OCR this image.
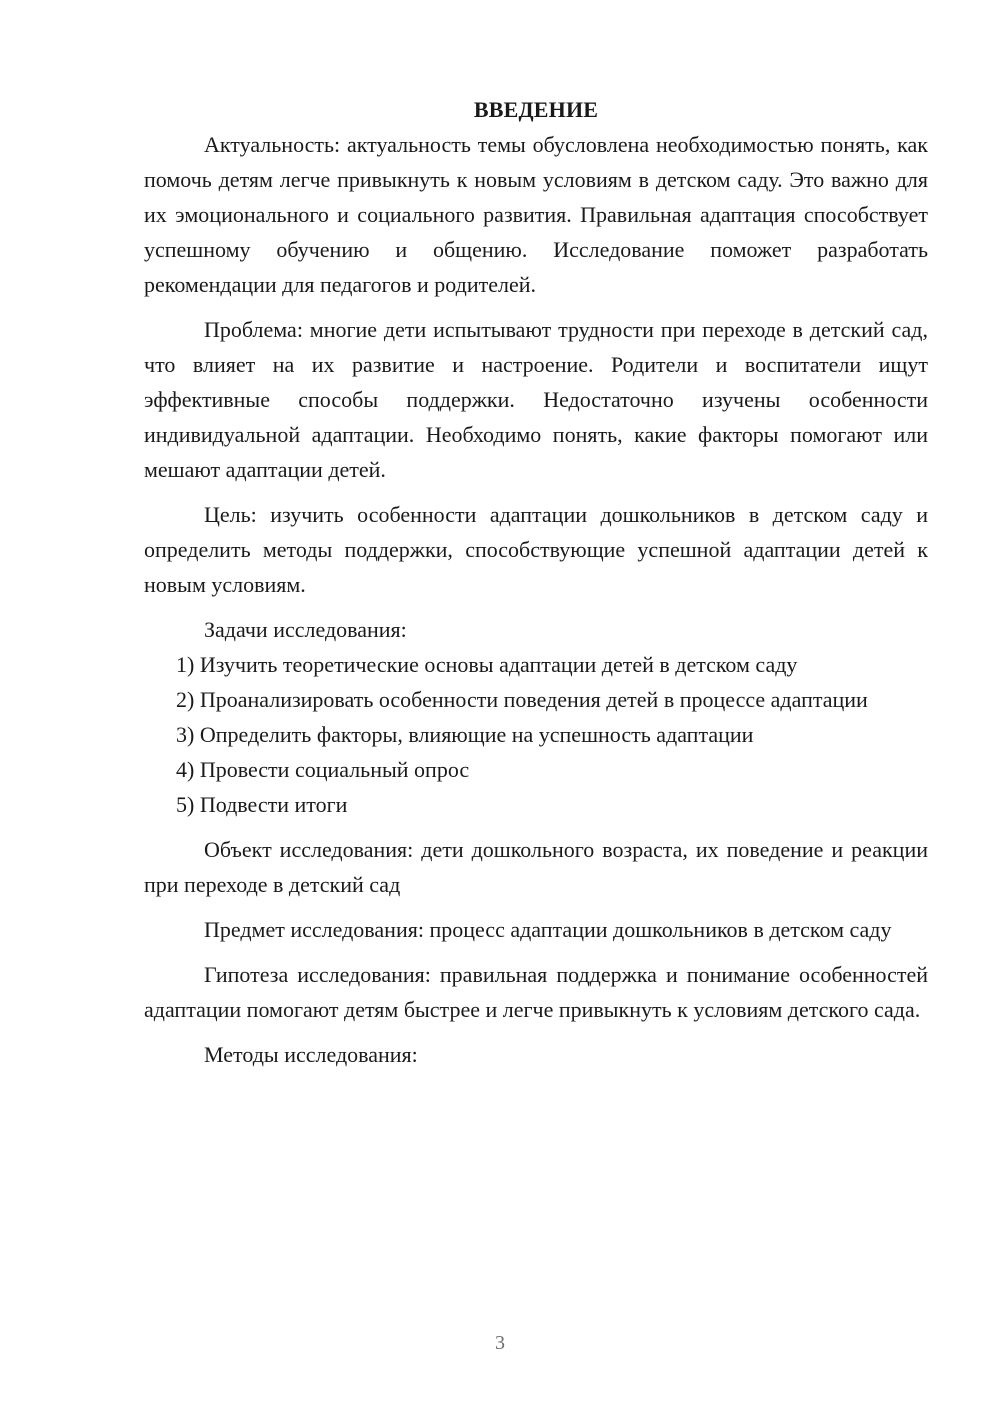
ВВЕДЕНИЕ

Актуальность: актуальность темы обусловлена необходимостью понять, как помочь детям легче привыкнуть к новым условиям в детском саду. Это важно для их эмоционального и социального развития. Правильная адаптация способствует успешному обучению и общению. Исследование поможет разработать рекомендации для педагогов и родителей.

Проблема: многие дети испытывают трудности при переходе в детский сад, что влияет на их развитие и настроение. Родители и воспитатели ищут эффективные способы поддержки. Недостаточно изучены особенности индивидуальной адаптации. Необходимо понять, какие факторы помогают или мешают адаптации детей.

Цель: изучить особенности адаптации дошкольников в детском саду и определить методы поддержки, способствующие успешной адаптации детей к новым условиям.

Задачи исследования:

1) Изучить теоретические основы адаптации детей в детском саду

2) Проанализировать особенности поведения детей в процессе адаптации

3) Определить факторы, влияющие на успешность адаптации

4) Провести социальный опрос

5) Подвести итоги

Объект исследования: дети дошкольного возраста, их поведение и реакции при переходе в детский сад

Предмет исследования: процесс адаптации дошкольников в детском саду

Гипотеза исследования: правильная поддержка и понимание особенностей адаптации помогают детям быстрее и легче привыкнуть к условиям детского сада.

Методы исследования:

3
